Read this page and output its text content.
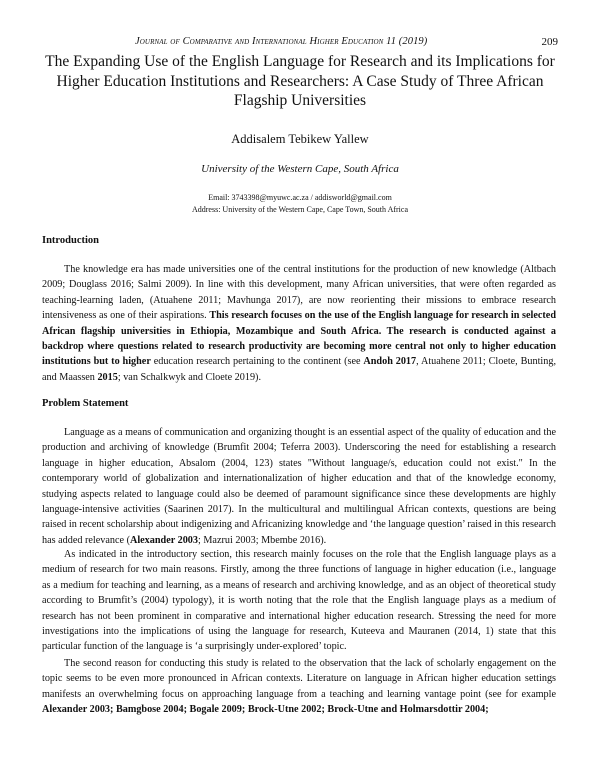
Journal of Comparative and International Higher Education 11 (2019)	209
The Expanding Use of the English Language for Research and its Implications for Higher Education Institutions and Researchers: A Case Study of Three African Flagship Universities
Addisalem Tebikew Yallew
University of the Western Cape, South Africa
Email: 3743398@myuwc.ac.za / addisworld@gmail.com
Address: University of the Western Cape, Cape Town, South Africa
Introduction

The knowledge era has made universities one of the central institutions for the production of new knowledge (Altbach 2009; Douglass 2016; Salmi 2009). In line with this development, many African universities, that were often regarded as teaching-learning laden, (Atuahene 2011; Mavhunga 2017), are now reorienting their missions to embrace research intensiveness as one of their aspirations. This research focuses on the use of the English language for research in selected African flagship universities in Ethiopia, Mozambique and South Africa. The research is conducted against a backdrop where questions related to research productivity are becoming more central not only to higher education institutions but to higher education research pertaining to the continent (see Andoh 2017, Atuahene 2011; Cloete, Bunting, and Maassen 2015; van Schalkwyk and Cloete 2019).

Problem Statement

Language as a means of communication and organizing thought is an essential aspect of the quality of education and the production and archiving of knowledge (Brumfit 2004; Teferra 2003). Underscoring the need for establishing a research language in higher education, Absalom (2004, 123) states "Without language/s, education could not exist." In the contemporary world of globalization and internationalization of higher education and that of the knowledge economy, studying aspects related to language could also be deemed of paramount significance since these developments are highly language-intensive activities (Saarinen 2017). In the multicultural and multilingual African contexts, questions are being raised in recent scholarship about indigenizing and Africanizing knowledge and ‘the language question’ raised in this research has added relevance (Alexander 2003; Mazrui 2003; Mbembe 2016).

As indicated in the introductory section, this research mainly focuses on the role that the English language plays as a medium of research for two main reasons. Firstly, among the three functions of language in higher education (i.e., language as a medium for teaching and learning, as a means of research and archiving knowledge, and as an object of theoretical study according to Brumfit’s (2004) typology), it is worth noting that the role that the English language plays as a medium of research has not been prominent in comparative and international higher education research. Stressing the need for more investigations into the implications of using the language for research, Kuteeva and Mauranen (2014, 1) state that this particular function of the language is ‘a surprisingly under-explored’ topic.

The second reason for conducting this study is related to the observation that the lack of scholarly engagement on the topic seems to be even more pronounced in African contexts. Literature on language in African higher education settings manifests an overwhelming focus on approaching language from a teaching and learning vantage point (see for example Alexander 2003; Bamgbose 2004; Bogale 2009; Brock-Utne 2002; Brock-Utne and Holmarsdottir 2004;
